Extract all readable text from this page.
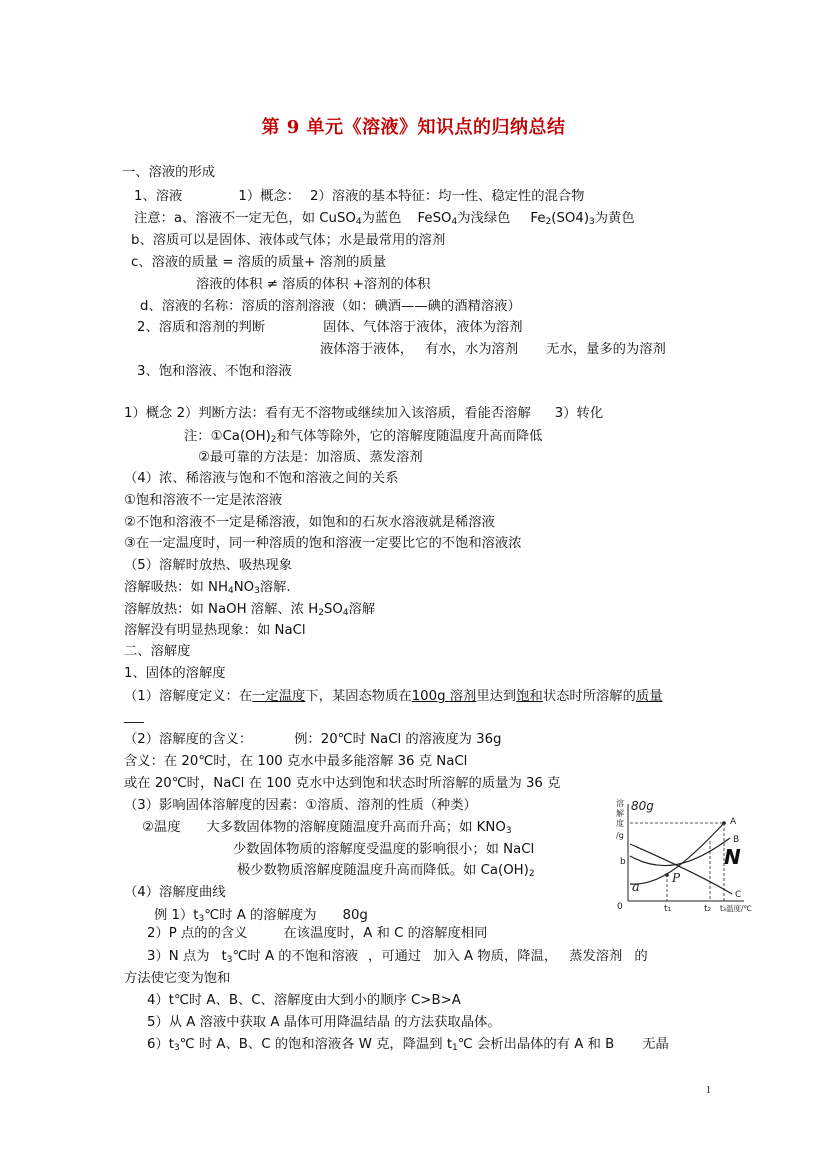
第 9 单元《溶液》知识点的归纳总结
一、溶液的形成
1、溶液	1）概念： 2）溶液的基本特征：均一性、稳定性的混合物
注意：a、溶液不一定无色，如 CuSO$_4$为蓝色 FeSO$_4$为浅绿色 $Fe_2(SO4)_3$为黄色
b、溶质可以是固体、液体或气体；水是最常用的溶剂
c、溶液的质量 = 溶质的质量+ 溶剂的质量
溶液的体积 ≠ 溶质的体积 +溶剂的体积
d、溶液的名称：溶质的溶剂溶液（如：碘酒——碘的酒精溶液）
2、溶质和溶剂的判断	固体、气体溶于液体，液体为溶剂
液体溶于液体， 有水，水为溶剂 无水，量多的为溶剂
3、饱和溶液、不饱和溶液
1）概念 2）判断方法：看有无不溶物或继续加入该溶质，看能否溶解 3）转化
注：$①Ca(OH)_2$和气体等除外，它的溶解度随温度升高而降低
②最可靠的方法是：加溶质、蒸发溶剂
（4）浓、稀溶液与饱和不饱和溶液之间的关系
①饱和溶液不一定是浓溶液
②不饱和溶液不一定是稀溶液，如饱和的石灰水溶液就是稀溶液
③在一定温度时，同一种溶质的饱和溶液一定要比它的不饱和溶液浓
（5）溶解时放热、吸热现象
溶解吸热：如 $NH_4NO_3$溶解.
溶解放热：如 NaOH 溶解、浓 $H_2SO_4$溶解
溶解没有明显热现象：如 NaCl
二、溶解度
1、固体的溶解度
（1）溶解度定义：在一定温度下，某固态物质在100g 溶剂里达到饱和状态时所溶解的质量
___
（2）溶解度的含义：	例：20℃时 NaCl 的溶液度为 36g
含义：在 20℃时，在 100 克水中最多能溶解 36 克 NaCl
或在 20℃时，NaCl 在 100 克水中达到饱和状态时所溶解的质量为 36 克
（3）影响固体溶解度的因素：①溶质、溶剂的性质（种类）
②温度 大多数固体物的溶解度随温度升高而升高；如 $KNO_3$
少数固体物质的溶解度受温度的影响很小；如 NaCl
极少数物质溶解度随温度升高而降低。如 $Ca(OH)_2$
（4）溶解度曲线
例 $1)t_3℃$时 A 的溶解度为 80g
2）P 点的的含义	在该温度时，A 和 C 的溶解度相同
3）N 点为 $t_3℃$时 A 的不饱和溶液 ，可通过 加入 A 物质，降温， 蒸发溶剂 的
方法使它变为饱和
4）t℃时 A、B、C、溶解度由大到小的顺序 C>B>A
5）从 A 溶液中获取 A 晶体可用降温结晶 的方法获取晶体。
$6)t_3℃$ 时 A、B、C 的饱和溶液各 W 克，降温到 $t_1℃$ 会析出晶体的有 A 和 B 无晶
溶
解
度
/g
80g
A
B
C
b
0	t₁	t₂ t₃温度/℃
a
P
N
1
